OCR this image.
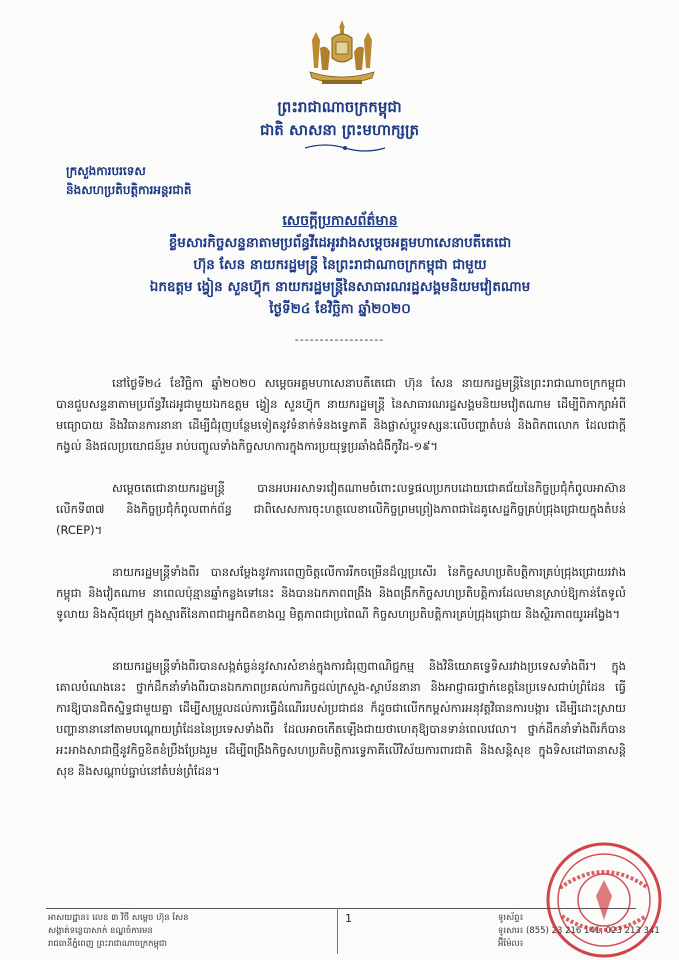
ព្រះរាជាណាចក្រកម្ពុជា
ជាតិ សាសនា ព្រះមហាក្សត្រ
ក្រសួងការបរទេស
និងសហប្រតិបត្តិការអន្តរជាតិ
សេចក្តីប្រកាសព័ត៌មាន
ខ្លឹមសារកិច្ចសន្ទនាតាមប្រព័ន្ធវីដេអូរវាងសម្តេចអគ្គមហាសេនាបតីតេជោ
ហ៊ុន សែន នាយករដ្ឋមន្ត្រី នៃព្រះរាជាណាចក្រកម្ពុជា ជាមួយ
ឯកឧត្តម ង្វៀន សួនហ៊្វុក នាយករដ្ឋមន្ត្រីនៃសាធារណរដ្ឋសង្គមនិយមវៀតណាម
ថ្ងៃទី២៤ ខែវិច្ឆិកា ឆ្នាំ២០២០
------------------
នៅថ្ងៃទី២៤ ខែវិច្ឆិកា ឆ្នាំ២០២០ សម្តេចអគ្គមហាសេនាបតីតេជោ ហ៊ុន សែន នាយករដ្ឋមន្ត្រីនៃព្រះរាជាណាចក្រកម្ពុជា បានជួបសន្ទនាតាមប្រព័ន្ធវីដេអូជាមួយឯកឧត្តម ង្វៀន សួនហ៊្វុក នាយករដ្ឋមន្ត្រី នៃសាធារណរដ្ឋសង្គមនិយមវៀតណាម ដើម្បីពិភាក្សាអំពីមធ្យោបាយ និងវិធានការនានា ដើម្បីជំរុញបន្ថែមទៀតនូវទំនាក់ទំនងទ្វេភាគី និងផ្លាស់ប្តូរទស្សនៈលើបញ្ហាតំបន់ និងពិភពលោក ដែលជាក្តីកង្វល់ និងផលប្រយោជន៍រួម រាប់បញ្ចូលទាំងកិច្ចសហការក្នុងការប្រយុទ្ធប្រឆាំងជំងឺកូវីដ-១៩។
សម្តេចតេជោនាយករដ្ឋមន្ត្រី បានអបអរសាទរវៀតណាមចំពោះលទ្ធផលប្រកបដោយជោគជ័យនៃកិច្ចប្រជុំកំពូលអាស៊ានលើកទី៣៧ និងកិច្ចប្រជុំកំពូលពាក់ព័ន្ធ ជាពិសេសការចុះហត្ថលេខាលើកិច្ចព្រមព្រៀងភាពជាដៃគូសេដ្ឋកិច្ចគ្រប់ជ្រុងជ្រោយក្នុងតំបន់ (RCEP)។
នាយករដ្ឋមន្ត្រីទាំងពីរ បានសម្តែងនូវការពេញចិត្តលើការរីកចម្រើនដ៏ល្អប្រសើរ នៃកិច្ចសហប្រតិបត្តិការគ្រប់ជ្រុងជ្រោយរវាងកម្ពុជា និងវៀតណាម នាពេលប៉ុន្មានឆ្នាំកន្លងទៅនេះ និងបានឯកភាពពង្រឹង និងពង្រីកកិច្ចសហប្រតិបត្តិការដែលមានស្រាប់ឱ្យកាន់តែទូលំទូលាយ និងស៊ីជម្រៅ ក្នុងស្មារតីនៃភាពជាអ្នកជិតខាងល្អ មិត្តភាពជាប្រពៃណី កិច្ចសហប្រតិបត្តិការគ្រប់ជ្រុងជ្រោយ និងស្ថិរភាពយូរអង្វែង។
នាយករដ្ឋមន្ត្រីទាំងពីរបានសង្កត់ធ្ងន់នូវសារសំខាន់ក្នុងការជំរុញពាណិជ្ជកម្ម និងវិនិយោគទ្វេទិសរវាងប្រទេសទាំងពីរ។ ក្នុងគោលបំណងនេះ ថ្នាក់ដឹកនាំទាំងពីរបានឯកភាពប្រគល់ការកិច្ចដល់ក្រសួង-ស្ថាប័ននានា និងអាជ្ញាធរថ្នាក់ខេត្តនៃប្រទេសជាប់ព្រំដែន ធ្វើការឱ្យបានជិតស្និទ្ធជាមួយគ្នា ដើម្បីសម្រួលដល់ការធ្វើដំណើររបស់ប្រជាជន ក៏ដូចជាលើកកម្ពស់ការអនុវត្តវិធានការបង្ការ ដើម្បីដោះស្រាយបញ្ហានានានៅតាមបណ្តោយព្រំដែននៃប្រទេសទាំងពីរ ដែលអាចកើតឡើងជាយថាហេតុឱ្យបានទាន់ពេលវេលា។ ថ្នាក់ដឹកនាំទាំងពីរក៏បានអះអាងសាជាថ្មីនូវកិច្ចខិតខំប្រឹងប្រែងរួម ដើម្បីពង្រឹងកិច្ចសហប្រតិបត្តិការទ្វេភាគីលើវិស័យការពារជាតិ និងសន្តិសុខ ក្នុងទិសដៅធានាសន្តិសុខ និងសណ្តាប់ធ្នាប់នៅតំបន់ព្រំដែន។
អាសយដ្ឋាន៖ លេខ ៣ វិថី សម្តេច ហ៊ុន សែន
សង្កាត់ទន្លេបាសាក់ ខណ្ឌចំការមន
រាជធានីភ្នំពេញ ព្រះរាជាណាចក្រកម្ពុជា
1	ទូរស័ព្ទ៖
ទូរសារ៖ (855) 23 216 141, 023 213 341
អ៊ីម៉ែល៖
